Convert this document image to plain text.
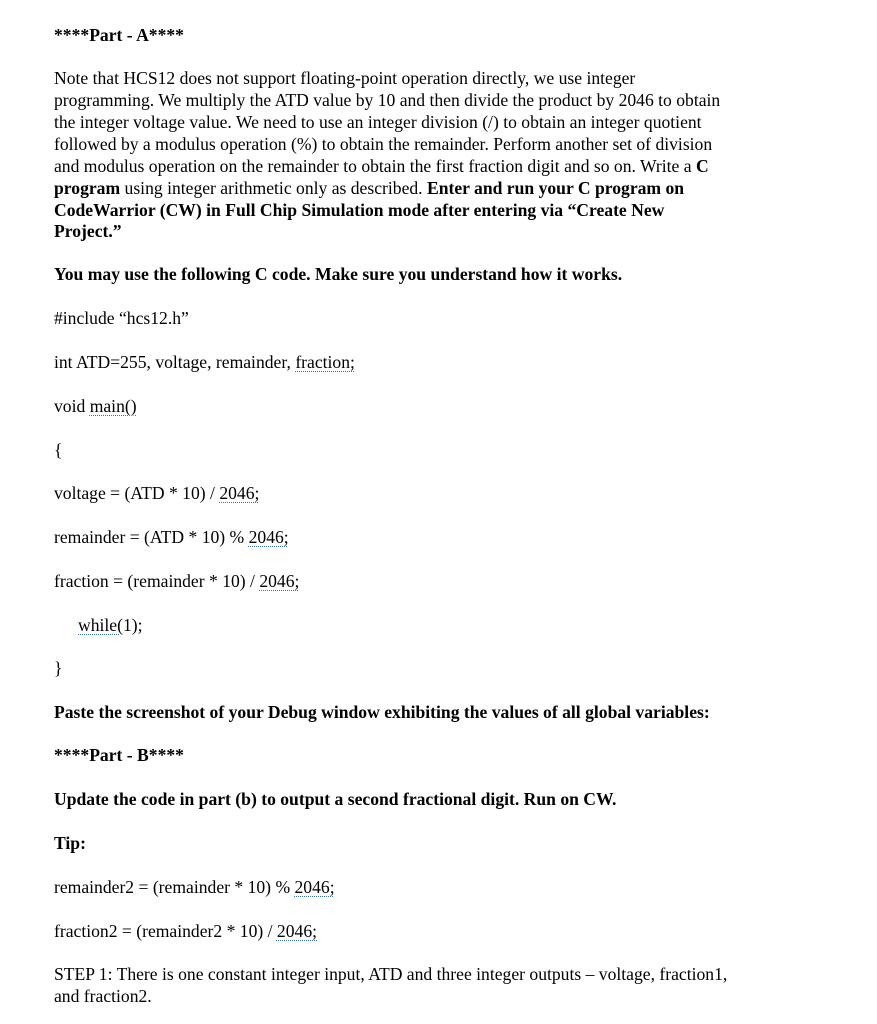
****Part - A****
Note that HCS12 does not support floating-point operation directly, we use integer
programming. We multiply the ATD value by 10 and then divide the product by 2046 to obtain
the integer voltage value. We need to use an integer division (/) to obtain an integer quotient
followed by a modulus operation (%) to obtain the remainder. Perform another set of division
and modulus operation on the remainder to obtain the first fraction digit and so on. Write a C
program using integer arithmetic only as described. Enter and run your C program on
CodeWarrior (CW) in Full Chip Simulation mode after entering via “Create New
Project.”
You may use the following C code. Make sure you understand how it works.
#include “hcs12.h”
int ATD=255, voltage, remainder, fraction;
void main()
{
voltage = (ATD * 10) / 2046;
remainder = (ATD * 10) % 2046;
fraction = (remainder * 10) / 2046;
while(1);
}
Paste the screenshot of your Debug window exhibiting the values of all global variables:
****Part - B****
Update the code in part (b) to output a second fractional digit. Run on CW.
Tip:
remainder2 = (remainder * 10) % 2046;
fraction2 = (remainder2 * 10) / 2046;
STEP 1: There is one constant integer input, ATD and three integer outputs – voltage, fraction1,
and fraction2.
